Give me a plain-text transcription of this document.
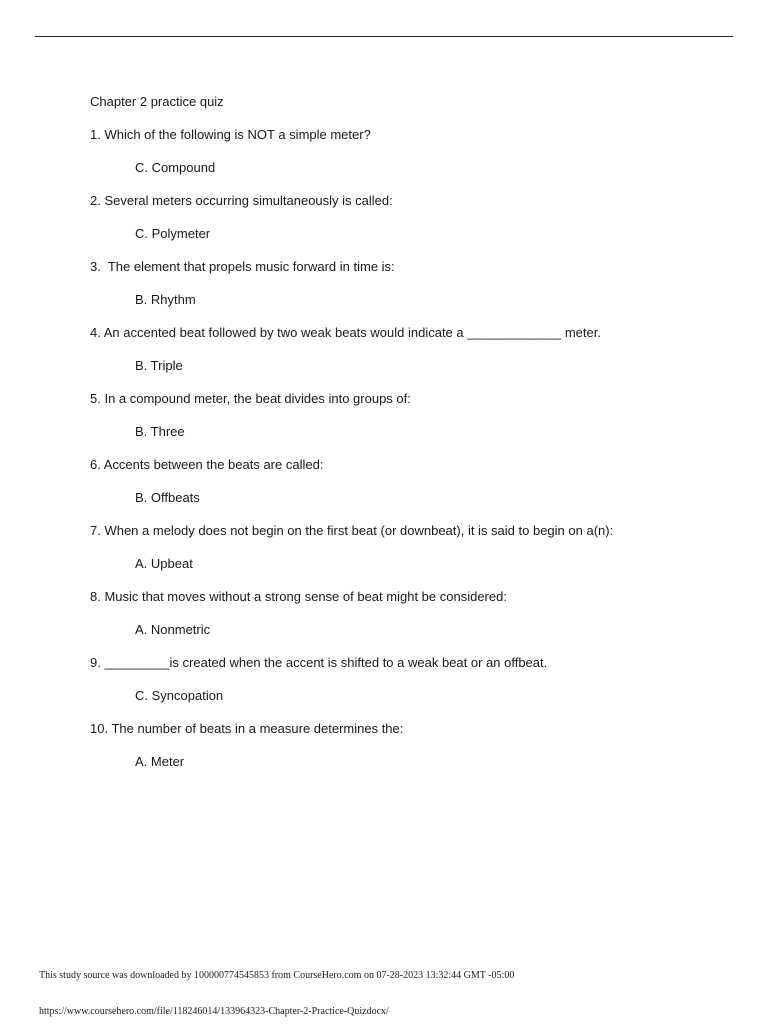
Chapter 2 practice quiz

1. Which of the following is NOT a simple meter?

C. Compound

2. Several meters occurring simultaneously is called:

C. Polymeter

3.  The element that propels music forward in time is:

B. Rhythm

4. An accented beat followed by two weak beats would indicate a _____________ meter.

B. Triple

5. In a compound meter, the beat divides into groups of:

B. Three

6. Accents between the beats are called:

B. Offbeats

7. When a melody does not begin on the first beat (or downbeat), it is said to begin on a(n):

A. Upbeat

8. Music that moves without a strong sense of beat might be considered:

A. Nonmetric

9. _________is created when the accent is shifted to a weak beat or an offbeat.

C. Syncopation

10. The number of beats in a measure determines the:

A. Meter

This study source was downloaded by 100000774545853 from CourseHero.com on 07-28-2023 13:32:44 GMT -05:00
https://www.coursehero.com/file/118246014/133964323-Chapter-2-Practice-Quizdocx/
